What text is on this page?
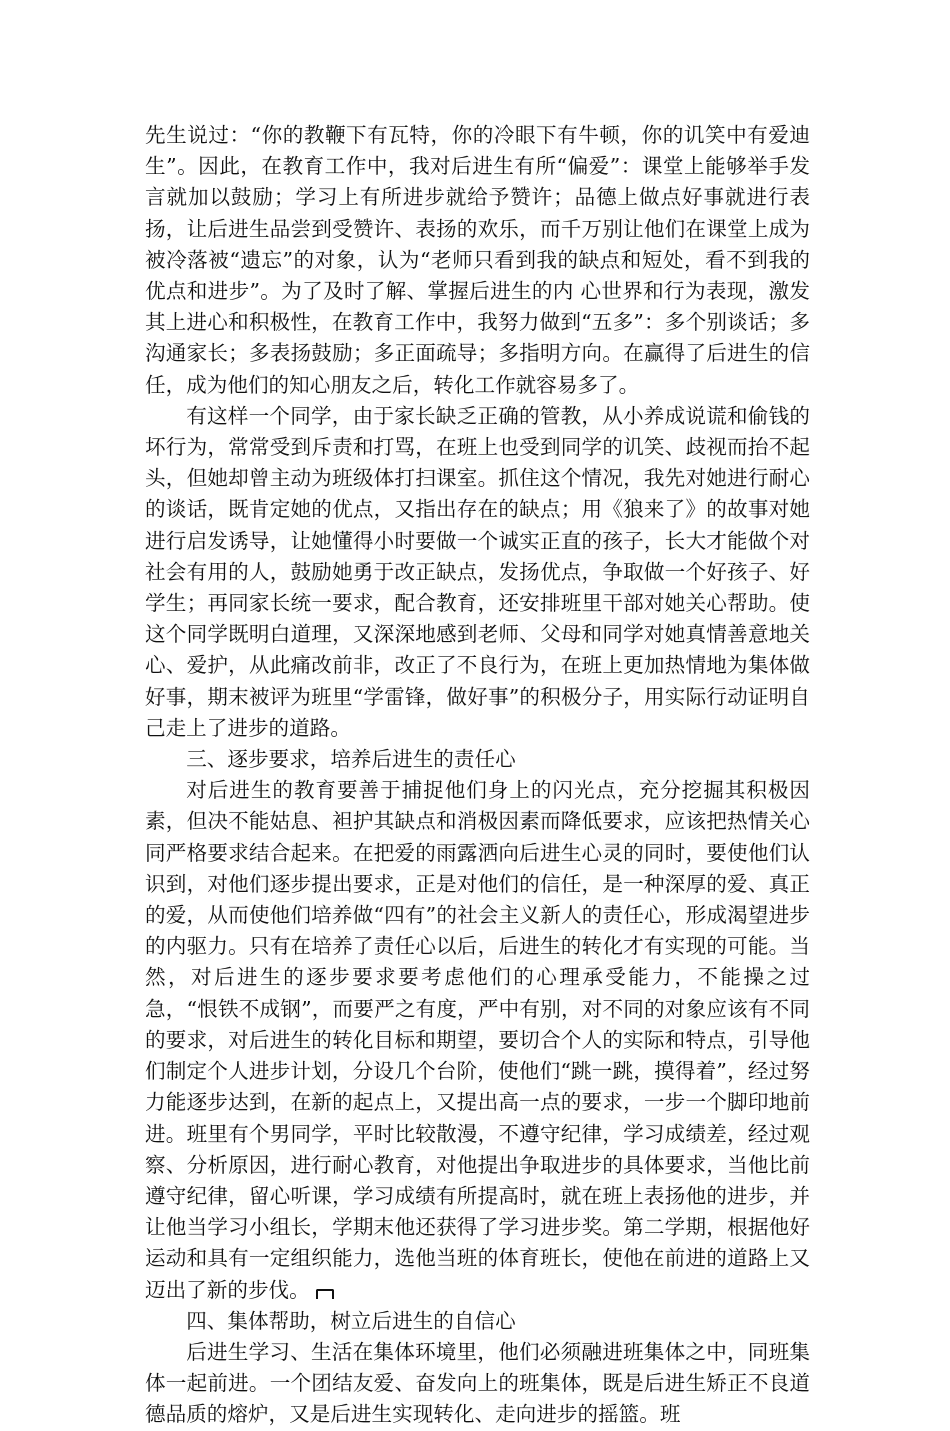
先生说过：“你的教鞭下有瓦特，你的冷眼下有牛顿，你的讥笑中有爱迪生”。因此，在教育工作中，我对后进生有所“偏爱”：课堂上能够举手发言就加以鼓励；学习上有所进步就给予赞许；品德上做点好事就进行表扬，让后进生品尝到受赞许、表扬的欢乐，而千万别让他们在课堂上成为被冷落被“遗忘”的对象，认为“老师只看到我的缺点和短处，看不到我的优点和进步”。为了及时了解、掌握后进生的内 心世界和行为表现，激发其上进心和积极性，在教育工作中，我努力做到“五多”：多个别谈话；多沟通家长；多表扬鼓励；多正面疏导；多指明方向。在赢得了后进生的信任，成为他们的知心朋友之后，转化工作就容易多了。

有这样一个同学，由于家长缺乏正确的管教，从小养成说谎和偷钱的坏行为，常常受到斥责和打骂，在班上也受到同学的讥笑、歧视而抬不起头，但她却曾主动为班级体打扫课室。抓住这个情况，我先对她进行耐心的谈话，既肯定她的优点，又指出存在的缺点；用《狼来了》的故事对她进行启发诱导，让她懂得小时要做一个诚实正直的孩子，长大才能做个对社会有用的人，鼓励她勇于改正缺点，发扬优点，争取做一个好孩子、好学生；再同家长统一要求，配合教育，还安排班里干部对她关心帮助。使这个同学既明白道理，又深深地感到老师、父母和同学对她真情善意地关心、爱护，从此痛改前非，改正了不良行为，在班上更加热情地为集体做好事，期末被评为班里“学雷锋，做好事”的积极分子，用实际行动证明自己走上了进步的道路。

三、逐步要求，培养后进生的责任心

对后进生的教育要善于捕捉他们身上的闪光点，充分挖掘其积极因素，但决不能姑息、袒护其缺点和消极因素而降低要求，应该把热情关心同严格要求结合起来。在把爱的雨露洒向后进生心灵的同时，要使他们认识到，对他们逐步提出要求，正是对他们的信任，是一种深厚的爱、真正的爱，从而使他们培养做“四有”的社会主义新人的责任心，形成渴望进步的内驱力。只有在培养了责任心以后，后进生的转化才有实现的可能。当然，对后进生的逐步要求要考虑他们的心理承受能力，不能操之过急，“恨铁不成钢”，而要严之有度，严中有别，对不同的对象应该有不同的要求，对后进生的转化目标和期望，要切合个人的实际和特点，引导他们制定个人进步计划，分设几个台阶，使他们“跳一跳，摸得着”，经过努力能逐步达到，在新的起点上，又提出高一点的要求，一步一个脚印地前进。班里有个男同学，平时比较散漫，不遵守纪律，学习成绩差，经过观察、分析原因，进行耐心教育，对他提出争取进步的具体要求，当他比前遵守纪律，留心听课，学习成绩有所提高时，就在班上表扬他的进步，并让他当学习小组长，学期末他还获得了学习进步奖。第二学期，根据他好运动和具有一定组织能力，选他当班的体育班长，使他在前进的道路上又迈出了新的步伐。

四、集体帮助，树立后进生的自信心

后进生学习、生活在集体环境里，他们必须融进班集体之中，同班集体一起前进。一个团结友爱、奋发向上的班集体，既是后进生矫正不良道德品质的熔炉，又是后进生实现转化、走向进步的摇篮。班
